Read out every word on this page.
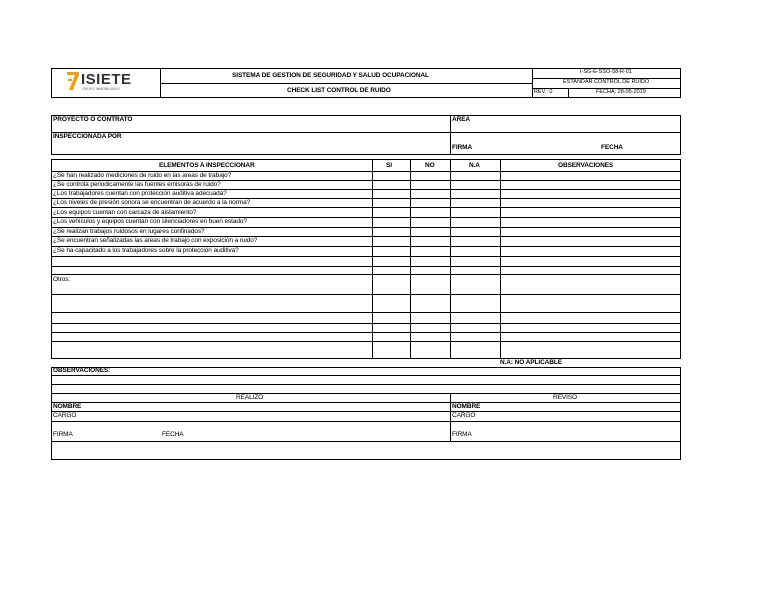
ISIETE
GRUPO INMOBILIARIO
SISTEMA DE GESTION DE SEGURIDAD Y SALUD OCUPACIONAL
CHECK LIST CONTROL DE RUIDO
I-SG-E-SSO-58-R-01
ESTANDAR CONTROL DE RUIDO
REV.: 0	FECHA: 28-05-2019
PROYECTO O CONTRATO	AREA
INSPECCIONADA POR
FIRMA	FECHA
ELEMENTOS A INSPECCIONAR	SI	NO	N.A	OBSERVACIONES
¿Se han realizado mediciones de ruido en las areas de trabajo?
¿Se controla periodicamente las fuentes emisoras de ruido?
¿Los trabajadores cuentan con protección auditiva adecuada?
¿Los niveles de presión sonora se encuentran de acuerdo a la norma?
¿Los equipos cuentan con carcaza de aislamiento?
¿Los vehículos y equipos cuentan con silenciadores en buen estado?
¿Se realizan trabajos ruidosos en lugares confinados?
¿Se encuentran señalizadas las areas de trabajo con exposición a ruido?
¿Se ha capacitado a los trabajadores sobre la protección auditiva?
Otros:
N.A: NO APLICABLE
OBSERVACIONES:
REALIZÓ	REVISÓ
NOMBRE	NOMBRE
CARGO	CARGO
FIRMA	FECHA	FIRMA
